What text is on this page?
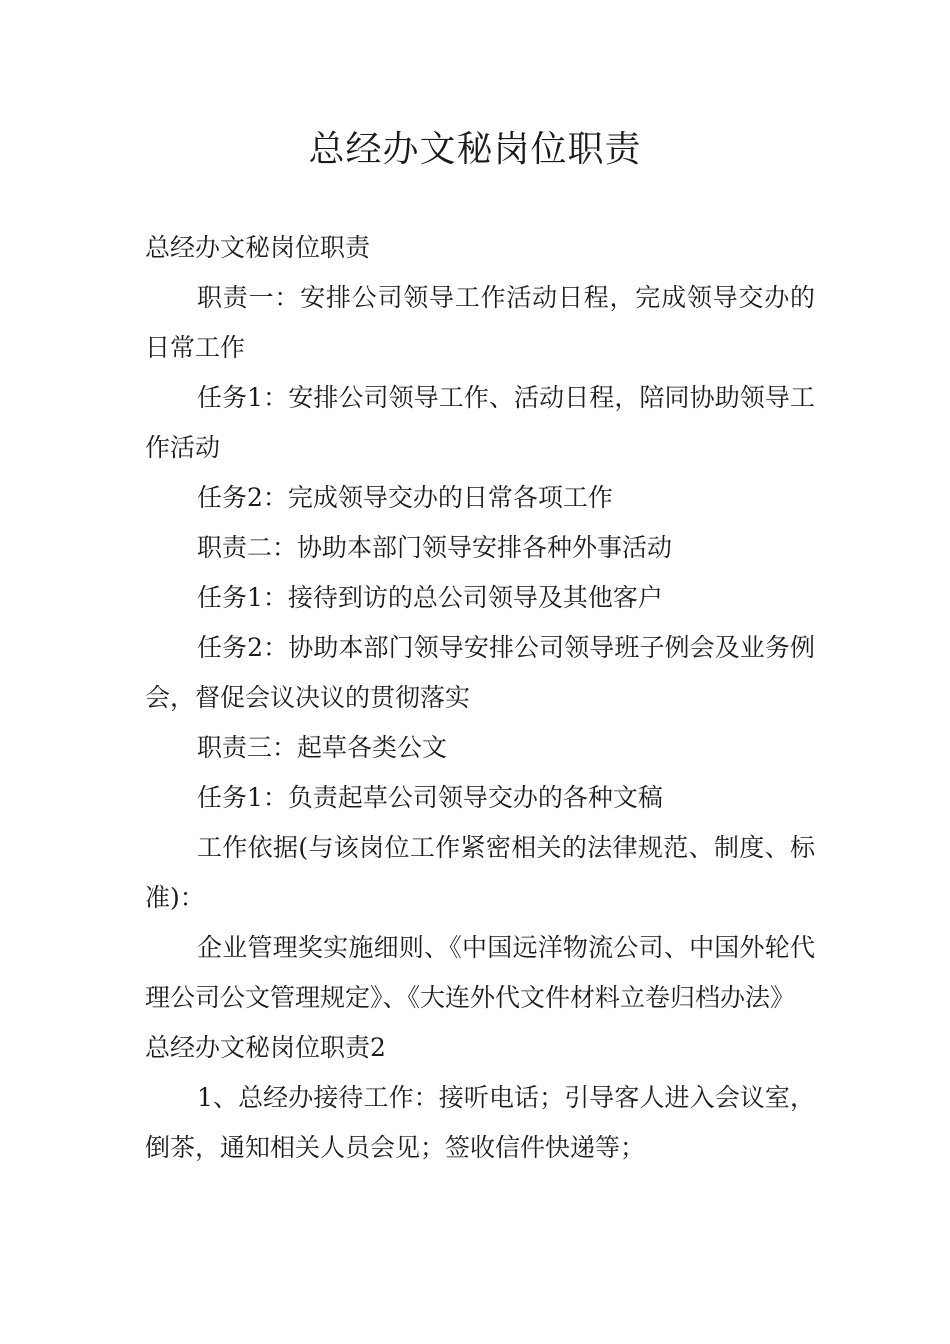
总经办文秘岗位职责

总经办文秘岗位职责

职责一：安排公司领导工作活动日程，完成领导交办的日常工作

任务1：安排公司领导工作、活动日程，陪同协助领导工作活动

任务2：完成领导交办的日常各项工作

职责二：协助本部门领导安排各种外事活动

任务1：接待到访的总公司领导及其他客户

任务2：协助本部门领导安排公司领导班子例会及业务例会，督促会议决议的贯彻落实

职责三：起草各类公文

任务1：负责起草公司领导交办的各种文稿

工作依据(与该岗位工作紧密相关的法律规范、制度、标准)：

企业管理奖实施细则、《中国远洋物流公司、中国外轮代理公司公文管理规定》、《大连外代文件材料立卷归档办法》

总经办文秘岗位职责2

1、总经办接待工作：接听电话；引导客人进入会议室，倒茶，通知相关人员会见；签收信件快递等；
